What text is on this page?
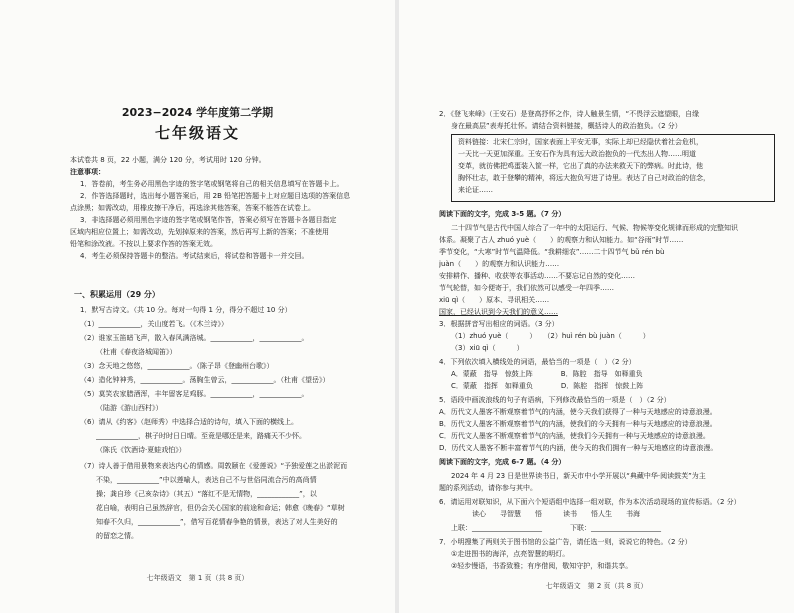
2023−2024 学年度第二学期
七年级语文
本试卷共 8 页，22 小题，满分 120 分，考试用时 120 分钟。
注意事项：
1．答卷前，考生务必用黑色字迹的签字笔或钢笔将自己的相关信息填写在答题卡上。
2．作答选择题时，选出每小题答案后，用 2B 铅笔把答题卡上对应题目选项的答案信息
点涂黑；如需改动，用橡皮擦干净后，再选涂其他答案，答案不能答在试卷上。
3．非选择题必须用黑色字迹的签字笔或钢笔作答，答案必须写在答题卡各题目指定
区域内相应位置上；如需改动，先划掉原来的答案，然后再写上新的答案；不准使用
铅笔和涂改液。不按以上要求作答的答案无效。
4．考生必须保持答题卡的整洁。考试结束后，将试卷和答题卡一并交回。
一、积累运用（29 分）
1．默写古诗文。（共 10 分。每对一句得 1 分，得分不超过 10 分）
（1）____________，关山度若飞。（《木兰诗》）
（2）谁家玉笛暗飞声，散入春风满洛城。____________，____________。
（杜甫《春夜洛城闻笛》）
（3）念天地之悠悠，____________。（陈子昂《登幽州台歌》）
（4）造化钟神秀，____________。荡胸生曾云，____________。（杜甫《望岳》）
（5）莫笑农家腊酒浑，丰年留客足鸡豚。____________，____________。
（陆游《游山西村》）
（6）请从《约客》（赵师秀）中选择合适的诗句，填入下面的横线上。
____________，棋子时时日日晴。至竟是哪还是来，路痛天不少怀。
（陈氏《饮酒诗·夏蛙戏怕》）
（7）诗人善于借用景物来表达内心的情感。周敦颐在《爱莲说》“予独爱莲之出淤泥而
不染，____________”中以莲喻人，表达自己不与世俗同流合污的高尚情
操；龚自珍《己亥杂诗》（其五）“落红不是无情物，____________”，以
花自喻，表明自己虽然辞官，但仍会关心国家的前途和命运；韩愈《晚春》“草树
知春不久归，____________”，借写百花情春争艳的情景，表达了对人生美好的
的留恋之情。
七年级语文　第 1 页（共 8 页）
2．《登飞来峰》（王安石）是登高抒怀之作，诗人触景生情，“不畏浮云遮望眼，自缘
身在最高层”表寿托壮怀。请结合资料链接，概括诗人的政治抱负。（2 分）
资料链接：北宋仁宗时，国家表面上平安无事，实际上却已经隐伏着社会危机，
一天比一天更加深重。王安石作为具有远大政治抱负的一代杰出人物……明道
变革，就彷佛把鸡蛋装入筐一样，它出了真的办法来救天下的弊病。时此诗，他
胸怀壮志，敢于登攀的精神，将远大抱负写进了诗里。表达了自己对政治的信念，
来论证……
阅读下面的文字，完成 3-5 题。（7 分）
二十四节气是古代中国人综合了一年中的太阳运行、气候、物候等变化规律而形成的完整知识
体系。凝聚了古人 zhuó yuè（　　）的观察力和认知能力。如“谷雨”时节……
季节变化，“大寒”时节气温降低。“我耕细农”……二十四节气 bǔ rén bù
juàn（　　）的观察力和认识能力……
安排耕作、播种、收获等农事活动……不要忘记自然的变化……
节气轮替，如今便寄于，我们依然可以感受一年四季……
xiū qì（　　）原本、寻讯相关……
国家，已经认识到今天我们的意义……
3．根据拼音写出相应的词语。（3 分）
（1）zhuó yuè（　　　）　　（2）huì rén bù juàn（　　　）
（3）xiū qì（　　　）
4．下列依次填入横线处的词语，最恰当的一项是（　）（2 分）
A．蒙蔽　指导　惊鼓上阵　　　　B．陈腔　指导　如释重负
C．蒙蔽　指挥　如释重负　　　　D．陈腔　指挥　惊鼓上阵
5．语段中画波浪线的句子有语病，下列修改最恰当的一项是（　）（2 分）
A．历代文人墨客不断观察着节气的内涵，使今天我们获得了一种与天地感应的诗意浪漫。
B．历代文人墨客不断观察着节气的内涵，使我们的今天拥有一种与天地感应的诗意浪漫。
C．历代文人墨客不断观察着节气的内涵，使我们今天拥有一种与天地感应的诗意浪漫。
D．历代文人墨客不断丰富着节气的内涵，使今天的我们拥有一种与天地感应的诗意浪漫。
阅读下面的文字，完成 6-7 题。（4 分）
2024 年 4 月 23 日是世界读书日，新天市中小学开展以“典藏中华·阅读鼓芙”为主
题的系列活动，请你参与其中。
6．请运用对联知识，从下面六个短语组中选择一组对联，作为本次活动现场的宣传标语。（2 分）
　　　读心　　寻智慧　　悟　　　读书　　悟人生　　书海
上联：____________________　　　　下联：____________________
7．小明搜集了两则关于图书馆的公益广告，请任选一则，说说它的特色。（2 分）
①走进图书的海洋，点亮智慧的明灯。
②轻步慢语，书香致雅；有序借阅，敬知守护，和谐共享。
七年级语文　第 2 页（共 8 页）
